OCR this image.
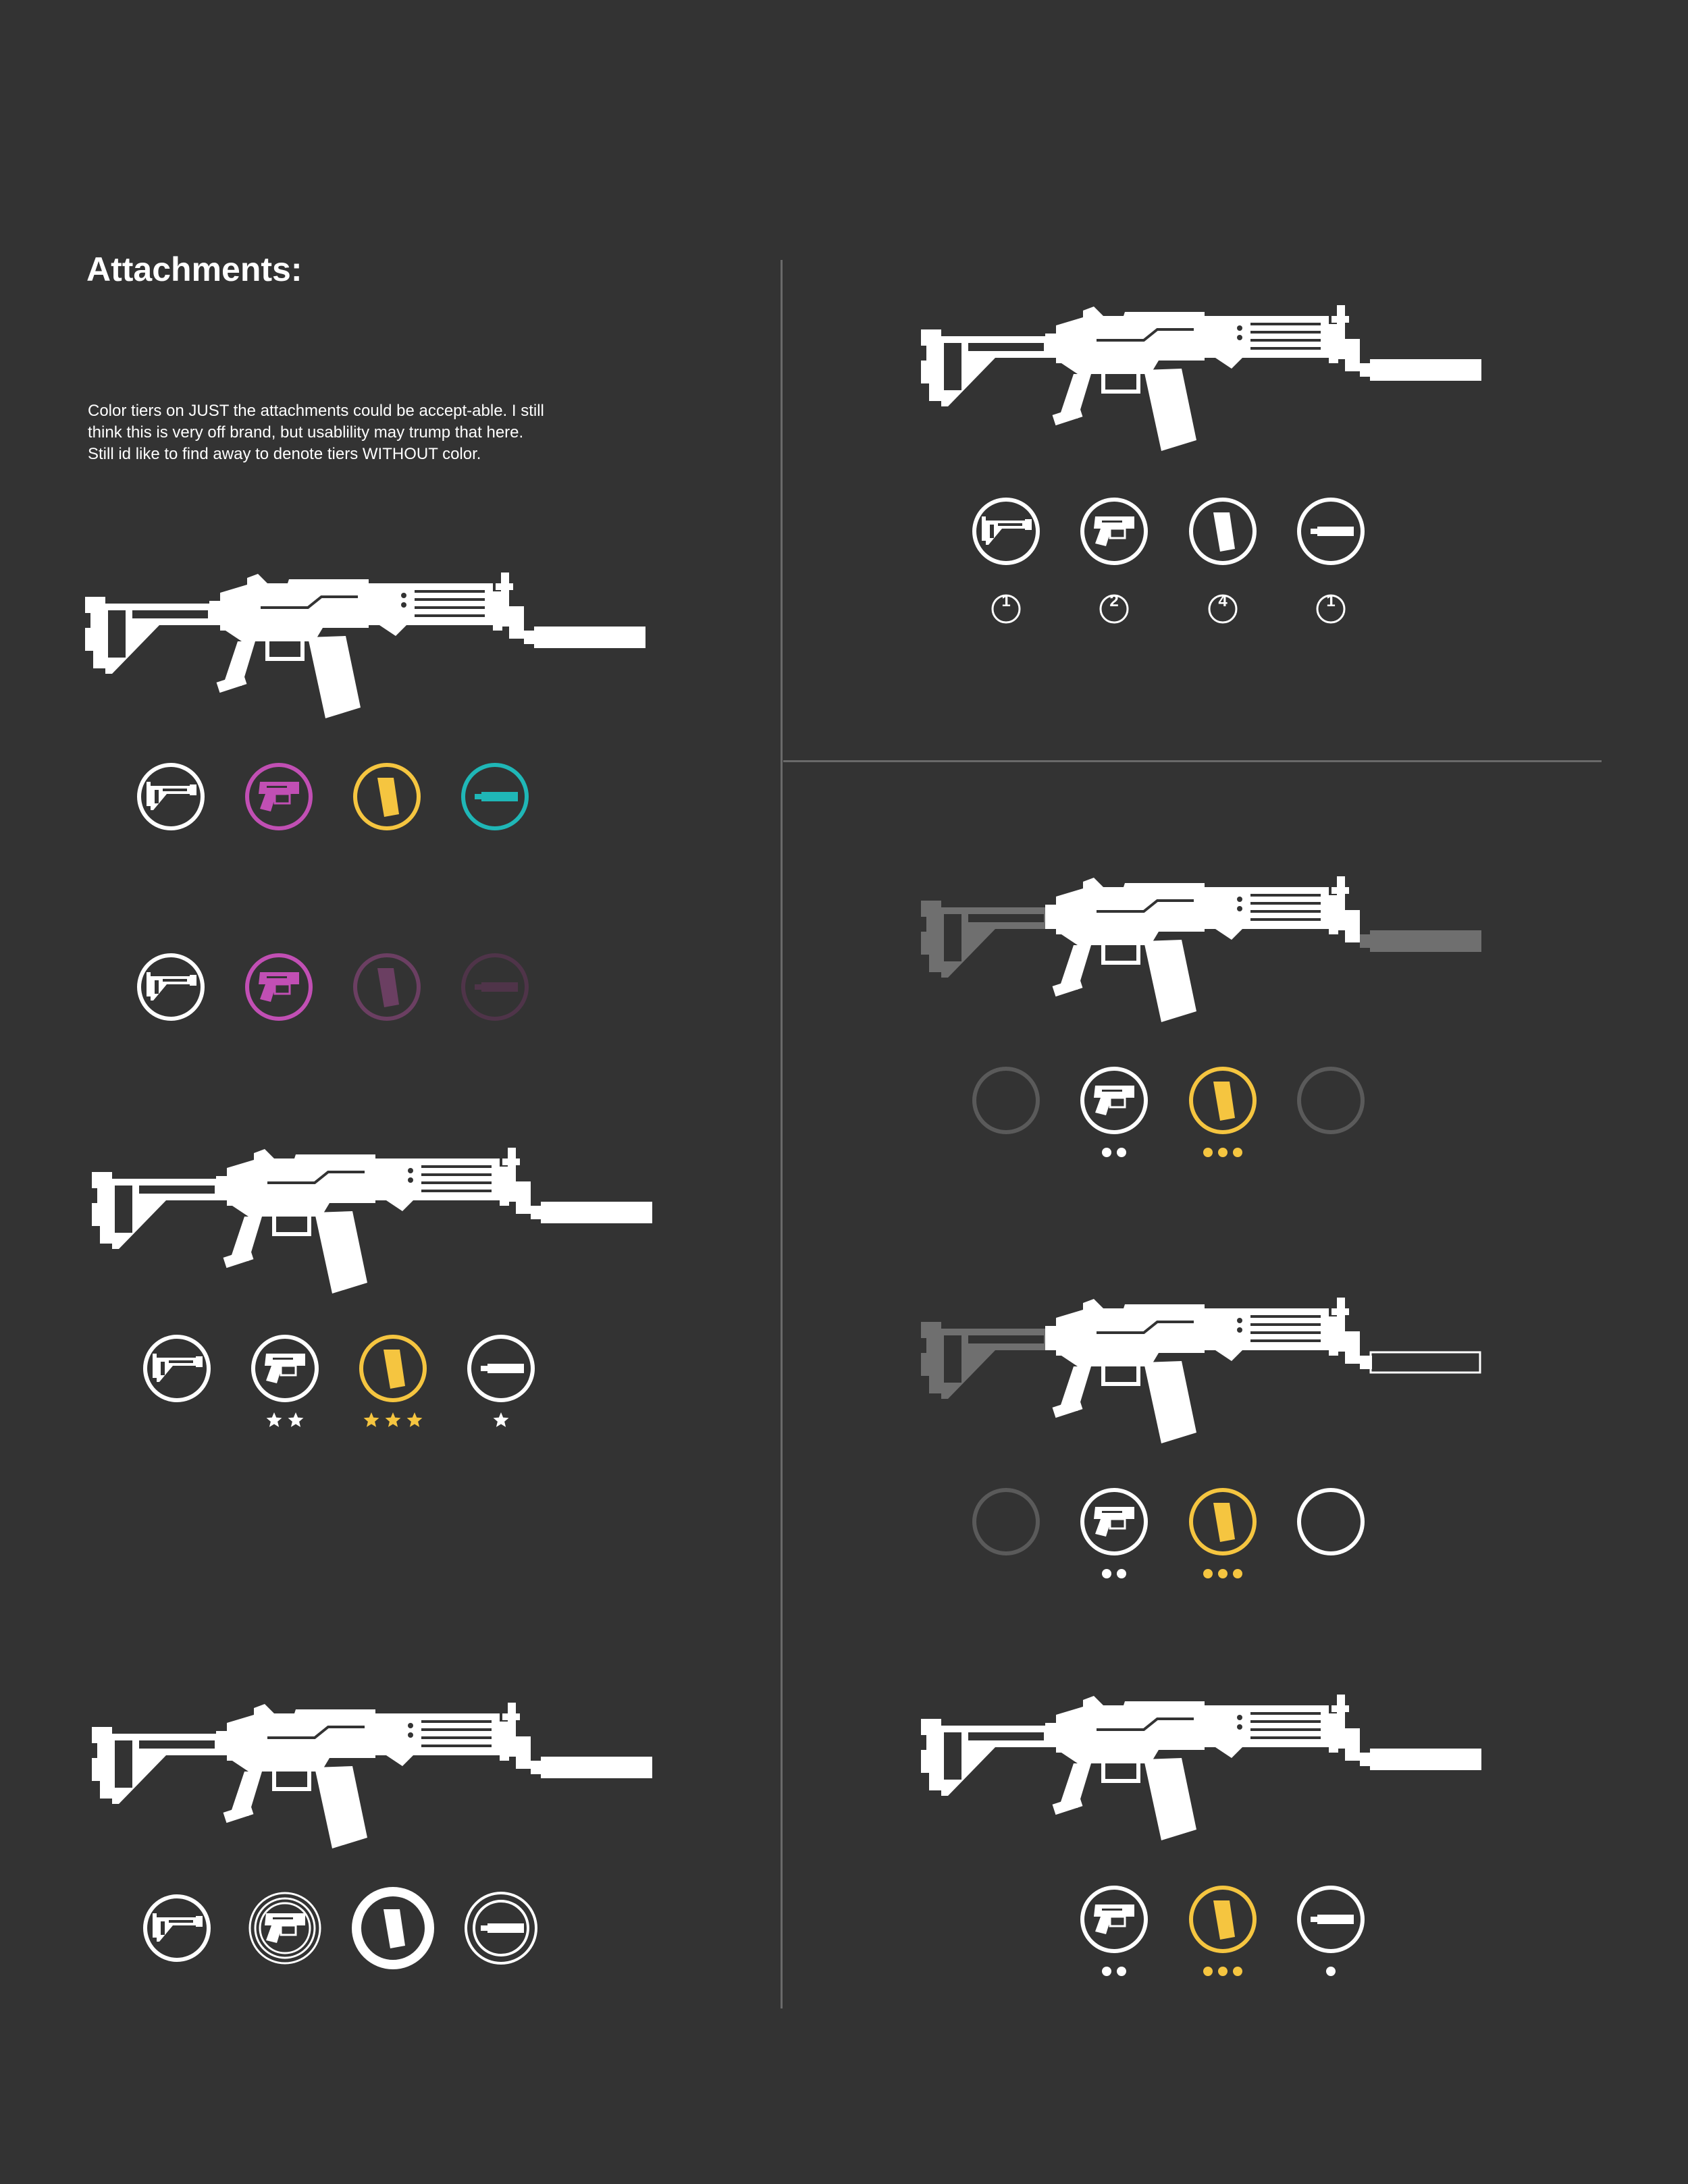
Attachments:
Color tiers on JUST the attachments could be accept-able. I still think this is very off brand, but usablility may trump that here. Still id like to find away to denote tiers WITHOUT color.
1	2	4	1
